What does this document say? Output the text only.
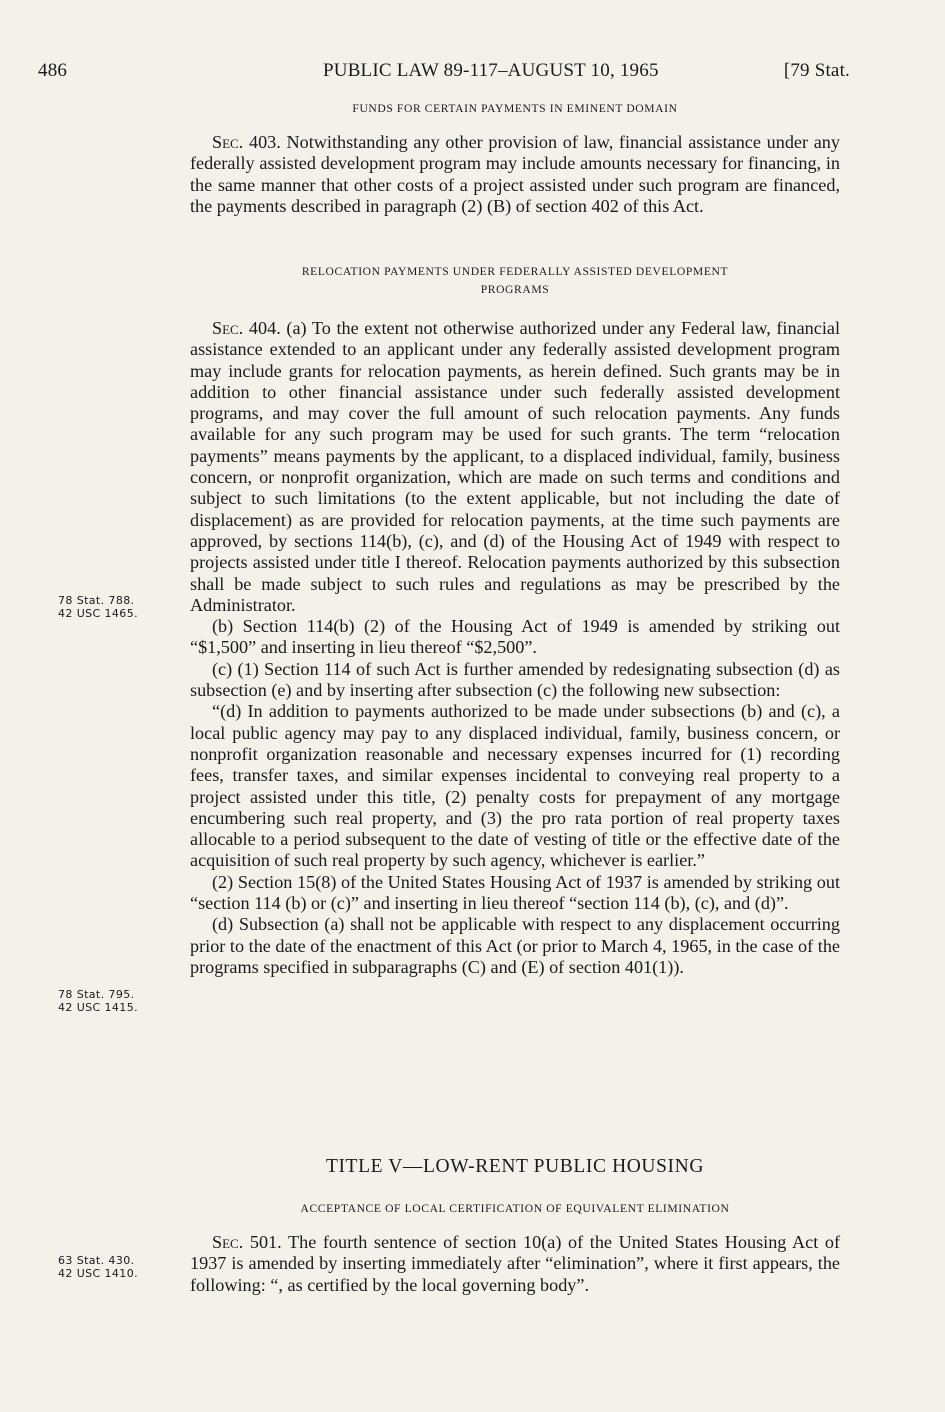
486	PUBLIC LAW 89-117–AUGUST 10, 1965	[79 Stat.
FUNDS FOR CERTAIN PAYMENTS IN EMINENT DOMAIN

Sec. 403. Notwithstanding any other provision of law, financial assistance under any federally assisted development program may include amounts necessary for financing, in the same manner that other costs of a project assisted under such program are financed, the payments described in paragraph (2) (B) of section 402 of this Act.

RELOCATION PAYMENTS UNDER FEDERALLY ASSISTED DEVELOPMENT
PROGRAMS

Sec. 404. (a) To the extent not otherwise authorized under any Federal law, financial assistance extended to an applicant under any federally assisted development program may include grants for relocation payments, as herein defined. Such grants may be in addition to other financial assistance under such federally assisted development programs, and may cover the full amount of such relocation payments. Any funds available for any such program may be used for such grants. The term “relocation payments” means payments by the applicant, to a displaced individual, family, business concern, or nonprofit organization, which are made on such terms and conditions and subject to such limitations (to the extent applicable, but not including the date of displacement) as are provided for relocation payments, at the time such payments are approved, by sections 114(b), (c), and (d) of the Housing Act of 1949 with respect to projects assisted under title I thereof. Relocation payments authorized by this subsection shall be made subject to such rules and regulations as may be prescribed by the Administrator.

(b) Section 114(b) (2) of the Housing Act of 1949 is amended by striking out “$1,500” and inserting in lieu thereof “$2,500”.

(c) (1) Section 114 of such Act is further amended by redesignating subsection (d) as subsection (e) and by inserting after subsection (c) the following new subsection:

“(d) In addition to payments authorized to be made under subsections (b) and (c), a local public agency may pay to any displaced individual, family, business concern, or nonprofit organization reasonable and necessary expenses incurred for (1) recording fees, transfer taxes, and similar expenses incidental to conveying real property to a project assisted under this title, (2) penalty costs for prepayment of any mortgage encumbering such real property, and (3) the pro rata portion of real property taxes allocable to a period subsequent to the date of vesting of title or the effective date of the acquisition of such real property by such agency, whichever is earlier.”

(2) Section 15(8) of the United States Housing Act of 1937 is amended by striking out “section 114 (b) or (c)” and inserting in lieu thereof “section 114 (b), (c), and (d)”.

(d) Subsection (a) shall not be applicable with respect to any displacement occurring prior to the date of the enactment of this Act (or prior to March 4, 1965, in the case of the programs specified in subparagraphs (C) and (E) of section 401(1)).

TITLE V—LOW-RENT PUBLIC HOUSING
ACCEPTANCE OF LOCAL CERTIFICATION OF EQUIVALENT ELIMINATION

Sec. 501. The fourth sentence of section 10(a) of the United States Housing Act of 1937 is amended by inserting immediately after “elimination”, where it first appears, the following: “, as certified by the local governing body”.

78 Stat. 788.
42 USC 1465.
78 Stat. 795.
42 USC 1415.
63 Stat. 430.
42 USC 1410.
